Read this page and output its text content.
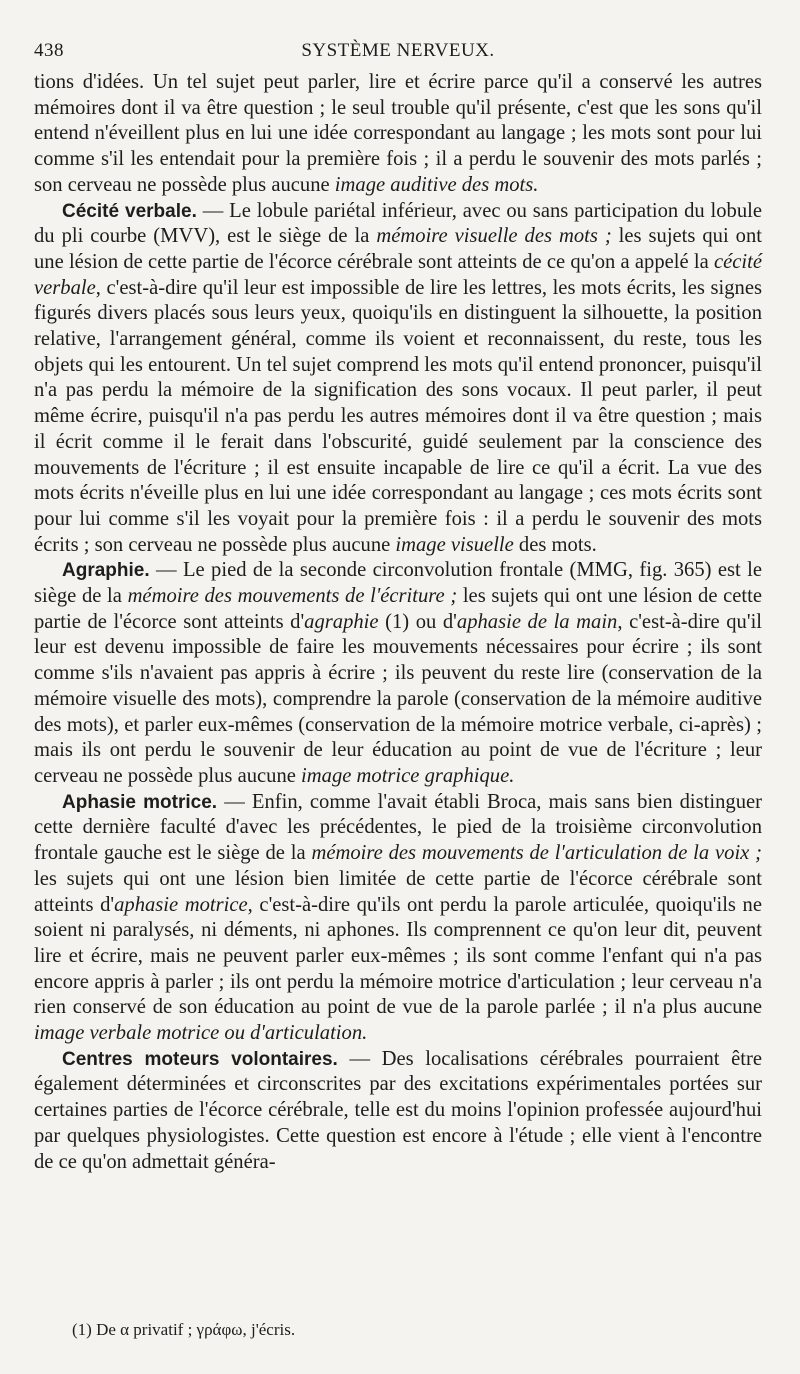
438	SYSTÈME NERVEUX.

tions d'idées. Un tel sujet peut parler, lire et écrire parce qu'il a conservé les autres mémoires dont il va être question ; le seul trouble qu'il présente, c'est que les sons qu'il entend n'éveillent plus en lui une idée correspondant au langage ; les mots sont pour lui comme s'il les entendait pour la première fois ; il a perdu le souvenir des mots parlés ; son cerveau ne possède plus aucune image auditive des mots.

Cécité verbale. — Le lobule pariétal inférieur, avec ou sans participation du lobule du pli courbe (MVV), est le siège de la mémoire visuelle des mots ; les sujets qui ont une lésion de cette partie de l'écorce cérébrale sont atteints de ce qu'on a appelé la cécité verbale, c'est-à-dire qu'il leur est impossible de lire les lettres, les mots écrits, les signes figurés divers placés sous leurs yeux, quoiqu'ils en distinguent la silhouette, la position relative, l'arrangement général, comme ils voient et reconnaissent, du reste, tous les objets qui les entourent. Un tel sujet comprend les mots qu'il entend prononcer, puisqu'il n'a pas perdu la mémoire de la signification des sons vocaux. Il peut parler, il peut même écrire, puisqu'il n'a pas perdu les autres mémoires dont il va être question ; mais il écrit comme il le ferait dans l'obscurité, guidé seulement par la conscience des mouvements de l'écriture ; il est ensuite incapable de lire ce qu'il a écrit. La vue des mots écrits n'éveille plus en lui une idée correspondant au langage ; ces mots écrits sont pour lui comme s'il les voyait pour la première fois : il a perdu le souvenir des mots écrits ; son cerveau ne possède plus aucune image visuelle des mots.

Agraphie. — Le pied de la seconde circonvolution frontale (MMG, fig. 365) est le siège de la mémoire des mouvements de l'écriture ; les sujets qui ont une lésion de cette partie de l'écorce sont atteints d'agraphie (1) ou d'aphasie de la main, c'est-à-dire qu'il leur est devenu impossible de faire les mouvements nécessaires pour écrire ; ils sont comme s'ils n'avaient pas appris à écrire ; ils peuvent du reste lire (conservation de la mémoire visuelle des mots), comprendre la parole (conservation de la mémoire auditive des mots), et parler eux-mêmes (conservation de la mémoire motrice verbale, ci-après) ; mais ils ont perdu le souvenir de leur éducation au point de vue de l'écriture ; leur cerveau ne possède plus aucune image motrice graphique.

Aphasie motrice. — Enfin, comme l'avait établi Broca, mais sans bien distinguer cette dernière faculté d'avec les précédentes, le pied de la troisième circonvolution frontale gauche est le siège de la mémoire des mouvements de l'articulation de la voix ; les sujets qui ont une lésion bien limitée de cette partie de l'écorce cérébrale sont atteints d'aphasie motrice, c'est-à-dire qu'ils ont perdu la parole articulée, quoiqu'ils ne soient ni paralysés, ni déments, ni aphones. Ils comprennent ce qu'on leur dit, peuvent lire et écrire, mais ne peuvent parler eux-mêmes ; ils sont comme l'enfant qui n'a pas encore appris à parler ; ils ont perdu la mémoire motrice d'articulation ; leur cerveau n'a rien conservé de son éducation au point de vue de la parole parlée ; il n'a plus aucune image verbale motrice ou d'articulation.

Centres moteurs volontaires. — Des localisations cérébrales pourraient être également déterminées et circonscrites par des excitations expérimentales portées sur certaines parties de l'écorce cérébrale, telle est du moins l'opinion professée aujourd'hui par quelques physiologistes. Cette question est encore à l'étude ; elle vient à l'encontre de ce qu'on admettait généra-

(1) De α privatif ; γράφω, j'écris.
